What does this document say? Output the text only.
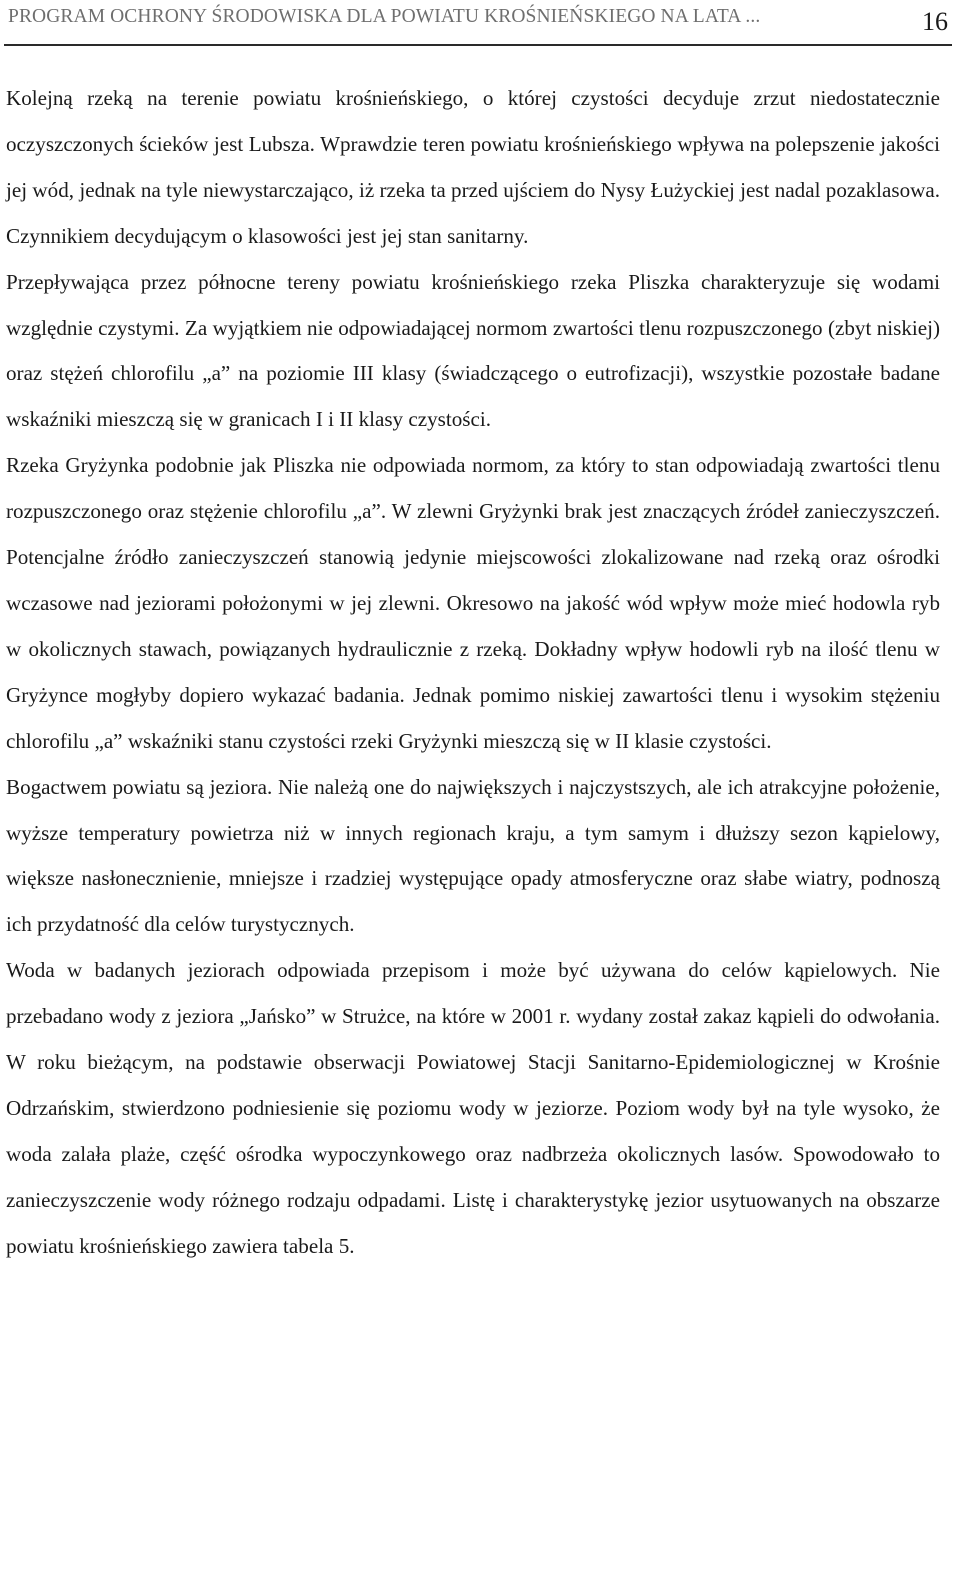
PROGRAM OCHRONY ŚRODOWISKA DLA POWIATU KROŚNIEŃSKIEGO NA LATA ...	16

Kolejną rzeką na terenie powiatu krośnieńskiego, o której czystości decyduje zrzut niedostatecznie oczyszczonych ścieków jest Lubsza. Wprawdzie teren powiatu krośnieńskiego wpływa na polepszenie jakości jej wód, jednak na tyle niewystarczająco, iż rzeka ta przed ujściem do Nysy Łużyckiej jest nadal pozaklasowa. Czynnikiem decydującym o klasowości jest jej stan sanitarny.

Przepływająca przez północne tereny powiatu krośnieńskiego rzeka Pliszka charakteryzuje się wodami względnie czystymi. Za wyjątkiem nie odpowiadającej normom zwartości tlenu rozpuszczonego (zbyt niskiej) oraz stężeń chlorofilu „a” na poziomie III klasy (świadczącego o eutrofizacji), wszystkie pozostałe badane wskaźniki mieszczą się w granicach I i II klasy czystości.

Rzeka Gryżynka podobnie jak Pliszka nie odpowiada normom, za który to stan odpowiadają zwartości tlenu rozpuszczonego oraz stężenie chlorofilu „a”. W zlewni Gryżynki brak jest znaczących źródeł zanieczyszczeń. Potencjalne źródło zanieczyszczeń stanowią jedynie miejscowości zlokalizowane nad rzeką oraz ośrodki wczasowe nad jeziorami położonymi w jej zlewni. Okresowo na jakość wód wpływ może mieć hodowla ryb w okolicznych stawach, powiązanych hydraulicznie z rzeką. Dokładny wpływ hodowli ryb na ilość tlenu w Gryżynce mogłyby dopiero wykazać badania. Jednak pomimo niskiej zawartości tlenu i wysokim stężeniu chlorofilu „a” wskaźniki stanu czystości rzeki Gryżynki mieszczą się w II klasie czystości.

Bogactwem powiatu są jeziora. Nie należą one do największych i najczystszych, ale ich atrakcyjne położenie, wyższe temperatury powietrza niż w innych regionach kraju, a tym samym i dłuższy sezon kąpielowy, większe nasłonecznienie, mniejsze i rzadziej występujące opady atmosferyczne oraz słabe wiatry, podnoszą ich przydatność dla celów turystycznych.

Woda w badanych jeziorach odpowiada przepisom i może być używana do celów kąpielowych. Nie przebadano wody z jeziora „Jańsko” w Strużce, na które w 2001 r. wydany został zakaz kąpieli do odwołania. W roku bieżącym, na podstawie obserwacji Powiatowej Stacji Sanitarno-Epidemiologicznej w Krośnie Odrzańskim, stwierdzono podniesienie się poziomu wody w jeziorze. Poziom wody był na tyle wysoko, że woda zalała plaże, część ośrodka wypoczynkowego oraz nadbrzeża okolicznych lasów. Spowodowało to zanieczyszczenie wody różnego rodzaju odpadami. Listę i charakterystykę jezior usytuowanych na obszarze powiatu krośnieńskiego zawiera tabela 5.
